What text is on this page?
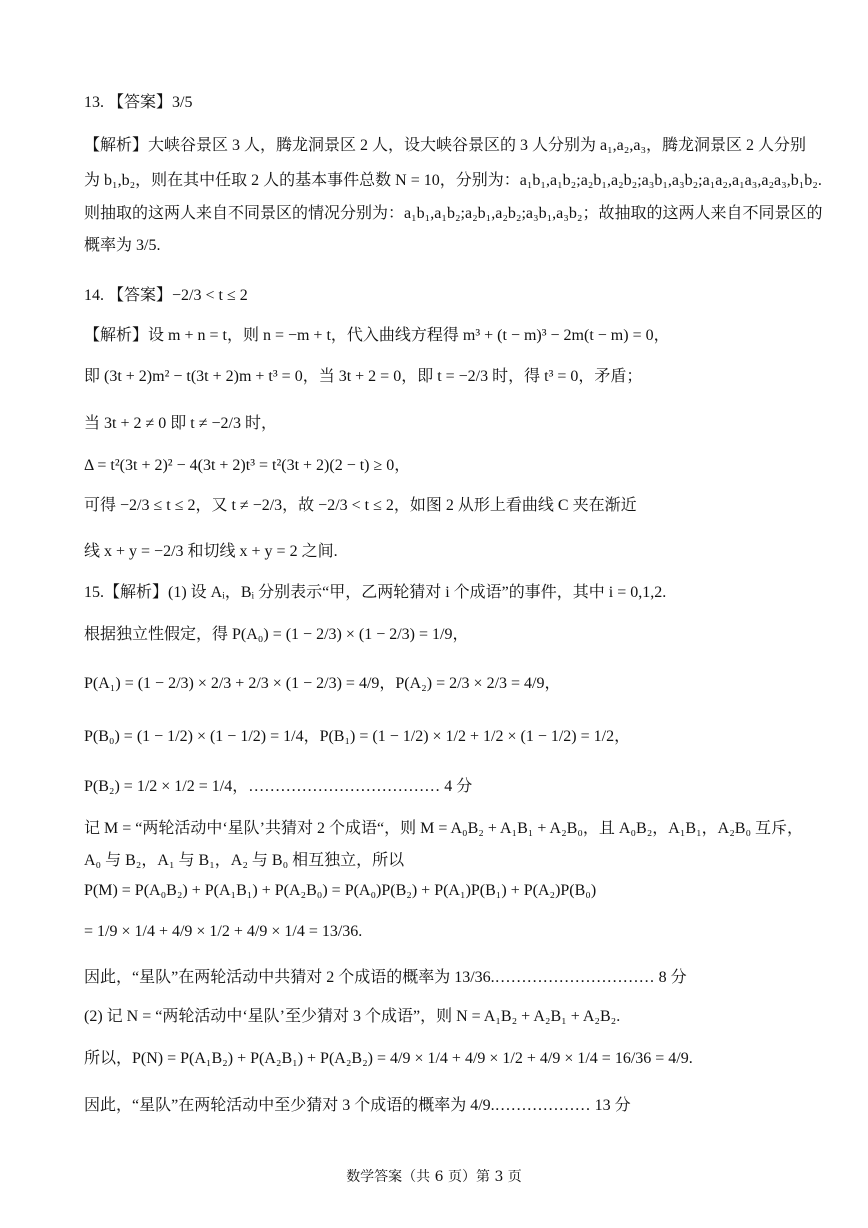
13. 【答案】3/5
【解析】大峡谷景区 3 人，腾龙洞景区 2 人，设大峡谷景区的 3 人分别为 a₁,a₂,a₃，腾龙洞景区 2 人分别
为 b₁,b₂，则在其中任取 2 人的基本事件总数 N = 10，分别为：a₁b₁,a₁b₂;a₂b₁,a₂b₂;a₃b₁,a₃b₂;a₁a₂,a₁a₃,a₂a₃,b₁b₂.
则抽取的这两人来自不同景区的情况分别为：a₁b₁,a₁b₂;a₂b₁,a₂b₂;a₃b₁,a₃b₂；故抽取的这两人来自不同景区的
概率为 3/5.
14. 【答案】−2/3 < t ≤ 2
【解析】设 m + n = t，则 n = −m + t，代入曲线方程得 m³ + (t − m)³ − 2m(t − m) = 0，
即 (3t + 2)m² − t(3t + 2)m + t³ = 0，当 3t + 2 = 0，即 t = −2/3 时，得 t³ = 0，矛盾；
当 3t + 2 ≠ 0 即 t ≠ −2/3 时，
Δ = t²(3t + 2)² − 4(3t + 2)t³ = t²(3t + 2)(2 − t) ≥ 0，
可得 −2/3 ≤ t ≤ 2，又 t ≠ −2/3，故 −2/3 < t ≤ 2，如图 2 从形上看曲线 C 夹在渐近
线 x + y = −2/3 和切线 x + y = 2 之间.
15.【解析】(1) 设 Aᵢ，Bᵢ 分别表示“甲，乙两轮猜对 i 个成语”的事件，其中 i = 0,1,2.
根据独立性假定，得 P(A₀) = (1 − 2/3) × (1 − 2/3) = 1/9，
P(A₁) = (1 − 2/3) × 2/3 + 2/3 × (1 − 2/3) = 4/9，P(A₂) = 2/3 × 2/3 = 4/9，
P(B₀) = (1 − 1/2) × (1 − 1/2) = 1/4，P(B₁) = (1 − 1/2) × 1/2 + 1/2 × (1 − 1/2) = 1/2，
P(B₂) = 1/2 × 1/2 = 1/4，……………………………… 4 分
记 M = “两轮活动中‘星队’共猜对 2 个成语“，则 M = A₀B₂ + A₁B₁ + A₂B₀，且 A₀B₂，A₁B₁，A₂B₀ 互斥，
A₀ 与 B₂，A₁ 与 B₁，A₂ 与 B₀ 相互独立，所以
P(M) = P(A₀B₂) + P(A₁B₁) + P(A₂B₀) = P(A₀)P(B₂) + P(A₁)P(B₁) + P(A₂)P(B₀)
= 1/9 × 1/4 + 4/9 × 1/2 + 4/9 × 1/4 = 13/36.
因此，“星队”在两轮活动中共猜对 2 个成语的概率为 13/36.………………………… 8 分
(2) 记 N = “两轮活动中‘星队’至少猜对 3 个成语”，则 N = A₁B₂ + A₂B₁ + A₂B₂.
所以，P(N) = P(A₁B₂) + P(A₂B₁) + P(A₂B₂) = 4/9 × 1/4 + 4/9 × 1/2 + 4/9 × 1/4 = 16/36 = 4/9.
因此，“星队”在两轮活动中至少猜对 3 个成语的概率为 4/9.……………… 13 分
数学答案（共 6 页）第 3 页
